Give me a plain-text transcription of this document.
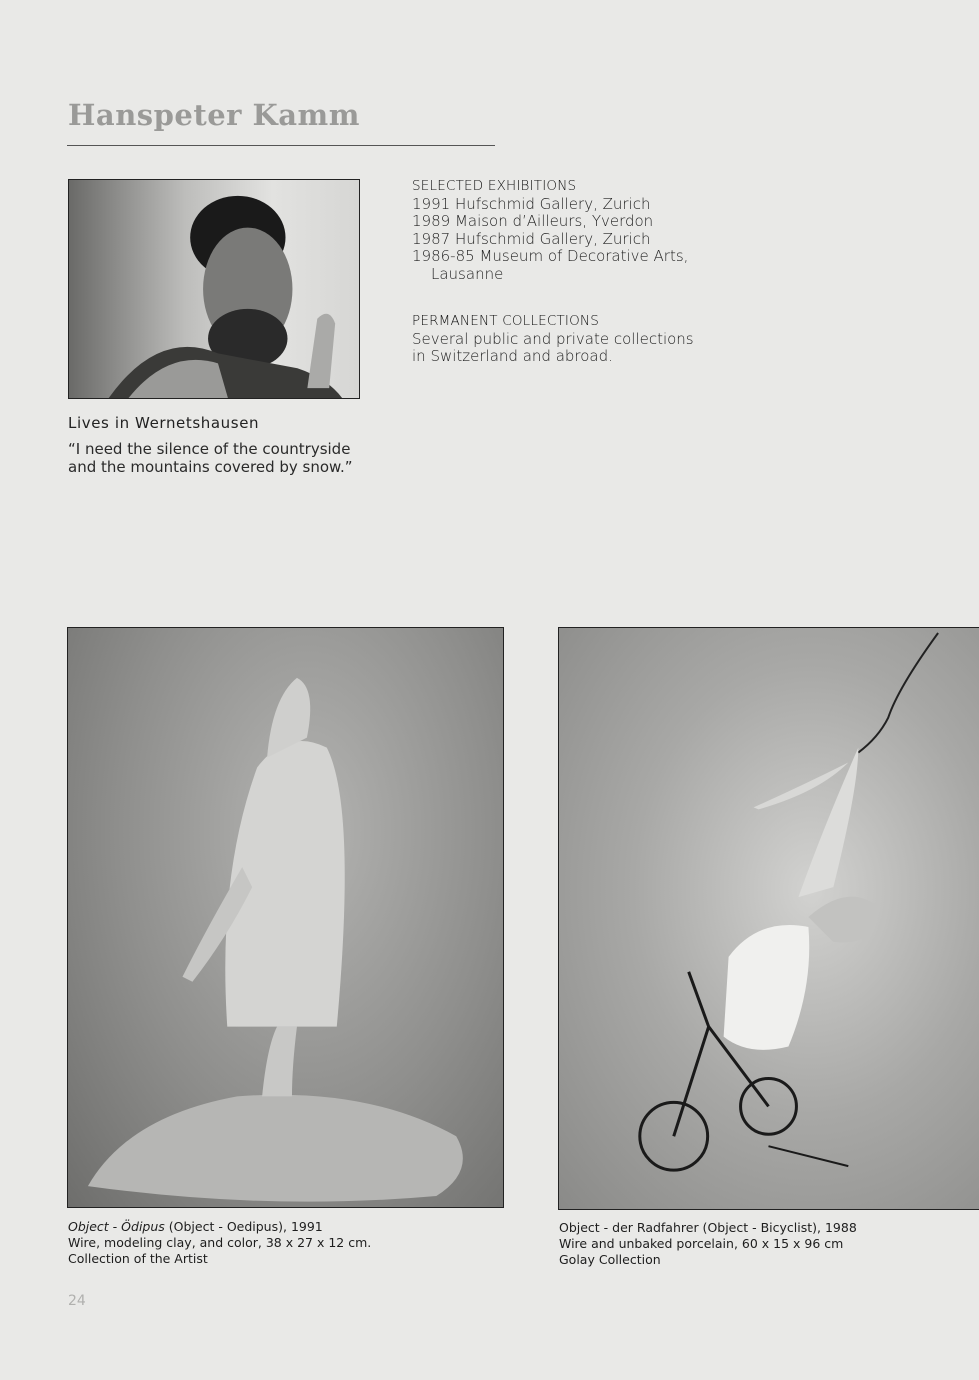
Hanspeter Kamm
SELECTED EXHIBITIONS
1991 Hufschmid Gallery, Zurich
1989 Maison d’Ailleurs, Yverdon
1987 Hufschmid Gallery, Zurich
1986-85 Museum of Decorative Arts,
Lausanne
PERMANENT COLLECTIONS
Several public and private collections
in Switzerland and abroad.
Lives in Wernetshausen
“I need the silence of the countryside and the mountains covered by snow.”
Object - Ödipus (Object - Oedipus), 1991
Wire, modeling clay, and color, 38 x 27 x 12 cm.
Collection of the Artist
Object - der Radfahrer (Object - Bicyclist), 1988
Wire and unbaked porcelain, 60 x 15 x 96 cm
Golay Collection
24
